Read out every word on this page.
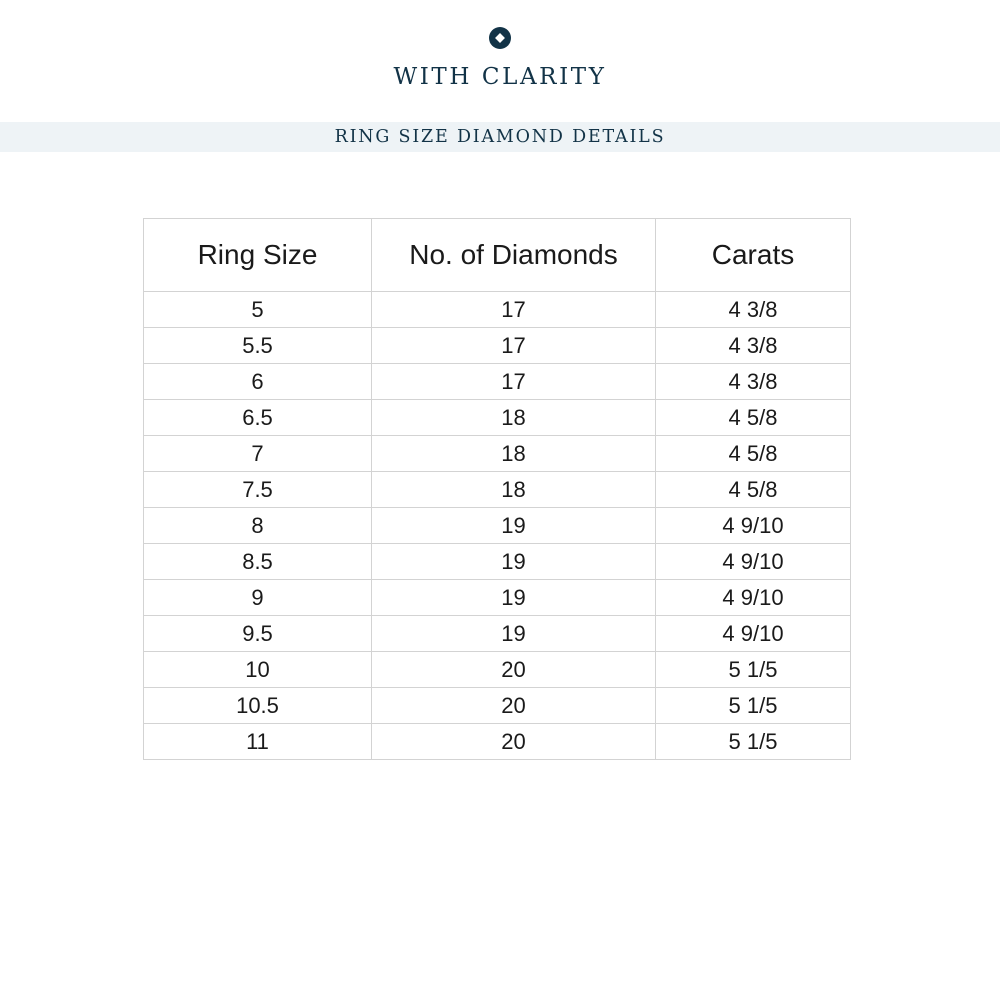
WITH CLARITY
RING SIZE DIAMOND DETAILS
Ring Size	No. of Diamonds	Carats
5	17	4 3/8
5.5	17	4 3/8
6	17	4 3/8
6.5	18	4 5/8
7	18	4 5/8
7.5	18	4 5/8
8	19	4 9/10
8.5	19	4 9/10
9	19	4 9/10
9.5	19	4 9/10
10	20	5 1/5
10.5	20	5 1/5
11	20	5 1/5
